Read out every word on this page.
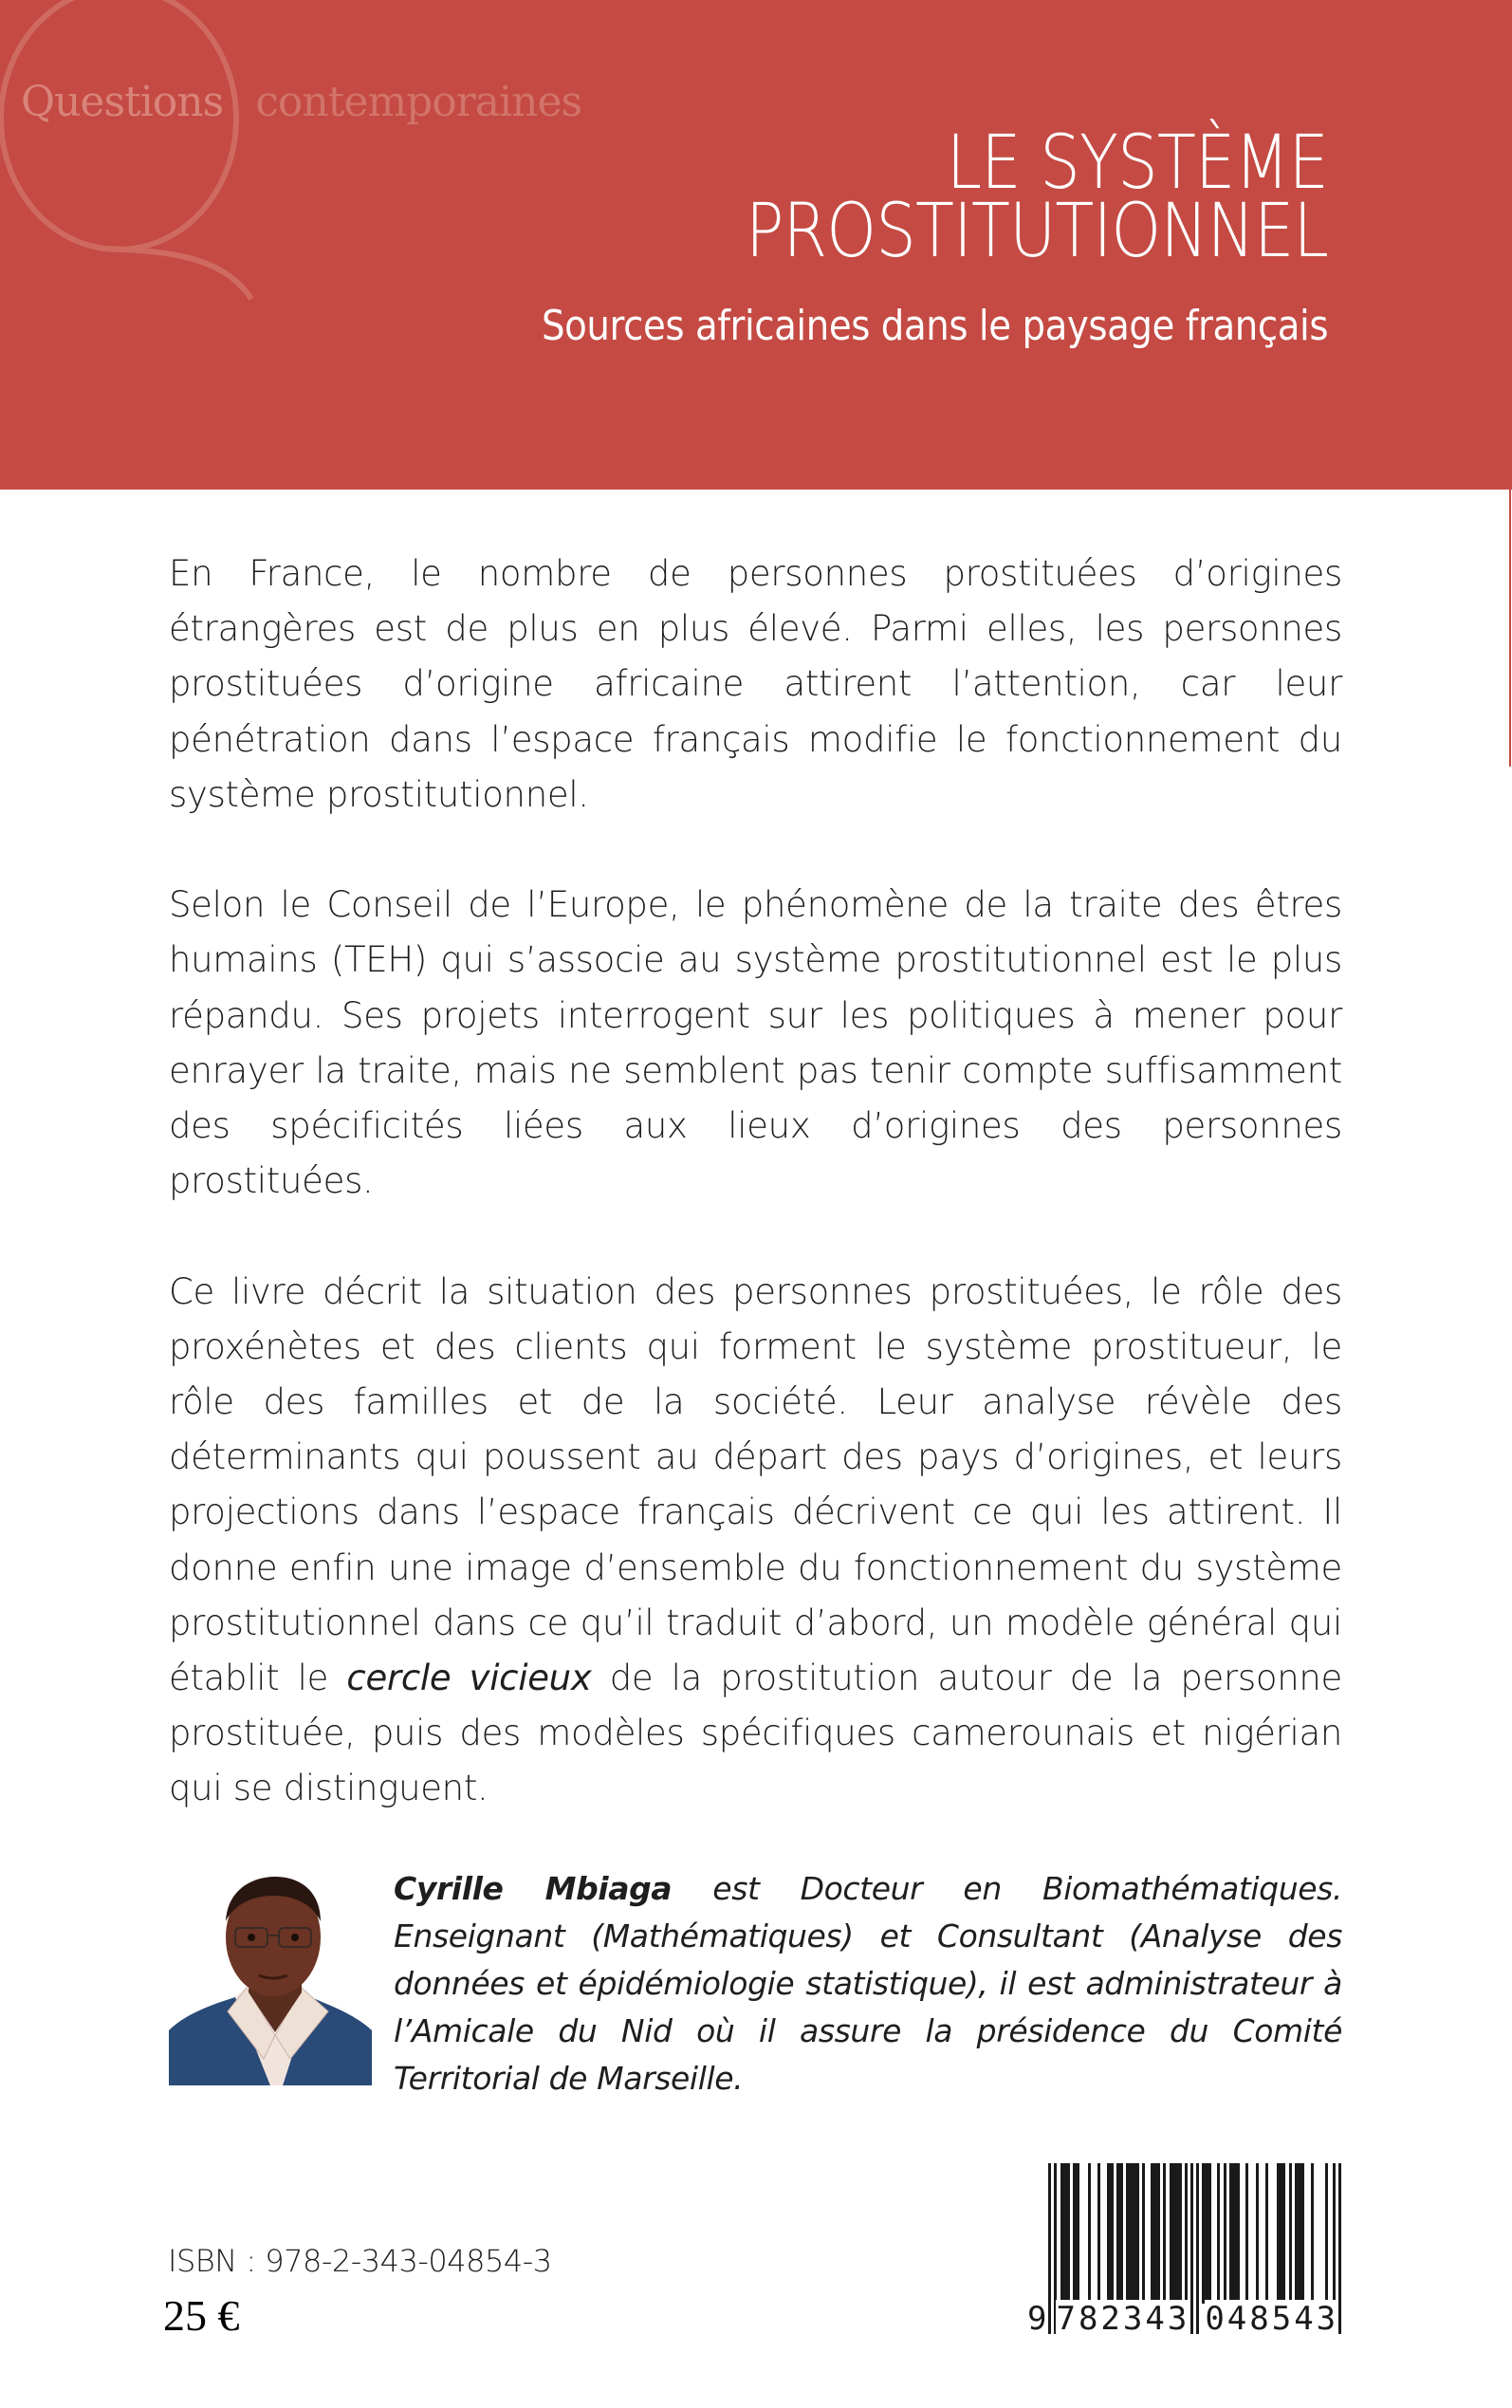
Questions contemporaines
LE SYSTÈME
PROSTITUTIONNEL
Sources africaines dans le paysage français

En France, le nombre de personnes prostituées d’origines étrangères est de plus en plus élevé. Parmi elles, les personnes prostituées d’origine africaine attirent l’attention, car leur pénétration dans l’espace français modifie le fonctionnement du système prostitutionnel.

Selon le Conseil de l’Europe, le phénomène de la traite des êtres humains (TEH) qui s’associe au système prostitutionnel est le plus répandu. Ses projets interrogent sur les politiques à mener pour enrayer la traite, mais ne semblent pas tenir compte suffisamment des spécificités liées aux lieux d’origines des personnes prostituées.

Ce livre décrit la situation des personnes prostituées, le rôle des proxénètes et des clients qui forment le système prostitueur, le rôle des familles et de la société. Leur analyse révèle des déterminants qui poussent au départ des pays d’origines, et leurs projections dans l’espace français décrivent ce qui les attirent. Il donne enfin une image d’ensemble du fonctionnement du système prostitutionnel dans ce qu’il traduit d’abord, un modèle général qui établit le cercle vicieux de la prostitution autour de la personne prostituée, puis des modèles spécifiques camerounais et nigérian qui se distinguent.

Cyrille Mbiaga est Docteur en Biomathématiques. Enseignant (Mathématiques) et Consultant (Analyse des données et épidémiologie statistique), il est administrateur à l’Amicale du Nid où il assure la présidence du Comité Territorial de Marseille.
ISBN : 978-2-343-04854-3
25 €	9 782343 048543
